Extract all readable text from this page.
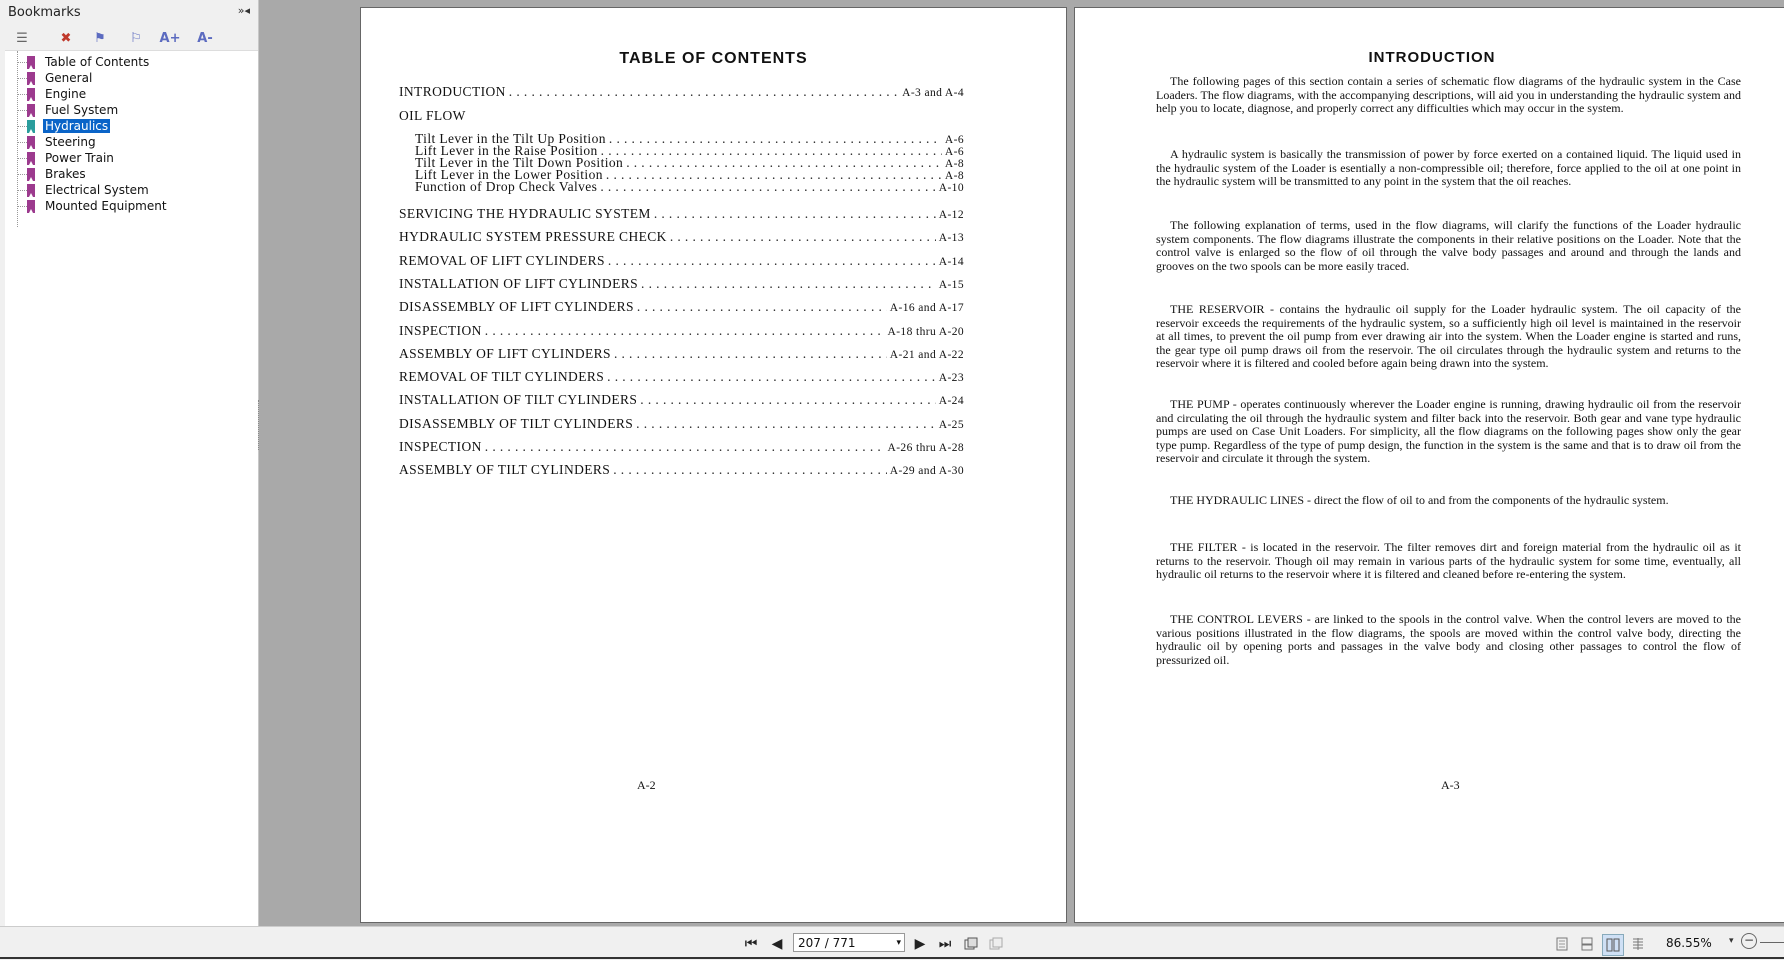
Bookmarks	»◂
☰	✖	⚑	⚐	A+ A-
Table of Contents
General
Engine
Fuel System
Hydraulics
Steering
Power Train
Brakes
Electrical System
Mounted Equipment
TABLE OF CONTENTS
INTRODUCTION . . .	A-3 and A-4
OIL FLOW
Tilt Lever in the Tilt Up Position . . .	A-6
Lift Lever in the Raise Position . . .	A-6
Tilt Lever in the Tilt Down Position . . .	A-8
Lift Lever in the Lower Position . . .	A-8
Function of Drop Check Valves . . .	A-10
SERVICING THE HYDRAULIC SYSTEM . . .	A-12
HYDRAULIC SYSTEM PRESSURE CHECK . . .	A-13
REMOVAL OF LIFT CYLINDERS . . .	A-14
INSTALLATION OF LIFT CYLINDERS . . .	A-15
DISASSEMBLY OF LIFT CYLINDERS . . .	A-16 and A-17
INSPECTION . . .	A-18 thru A-20
ASSEMBLY OF LIFT CYLINDERS . . .	A-21 and A-22
REMOVAL OF TILT CYLINDERS . . .	A-23
INSTALLATION OF TILT CYLINDERS . . .	A-24
DISASSEMBLY OF TILT CYLINDERS . . .	A-25
INSPECTION . . .	A-26 thru A-28
ASSEMBLY OF TILT CYLINDERS . . .	A-29 and A-30
A-2
INTRODUCTION
The following pages of this section contain a series of schematic flow diagrams of the hydraulic system in the Case Loaders. The flow diagrams, with the accompanying descriptions, will aid you in understanding the hydraulic system and help you to locate, diagnose, and properly correct any difficulties which may occur in the system.
A hydraulic system is basically the transmission of power by force exerted on a contained liquid. The liquid used in the hydraulic system of the Loader is esentially a non-compressible oil; therefore, force applied to the oil at one point in the hydraulic system will be transmitted to any point in the system that the oil reaches.
The following explanation of terms, used in the flow diagrams, will clarify the functions of the Loader hydraulic system components. The flow diagrams illustrate the components in their relative positions on the Loader. Note that the control valve is enlarged so the flow of oil through the valve body passages and around and through the lands and grooves on the two spools can be more easily traced.
THE RESERVOIR - contains the hydraulic oil supply for the Loader hydraulic system. The oil capacity of the reservoir exceeds the requirements of the hydraulic system, so a sufficiently high oil level is maintained in the reservoir at all times, to prevent the oil pump from ever drawing air into the system. When the Loader engine is started and runs, the gear type oil pump draws oil from the reservoir. The oil circulates through the hydraulic system and returns to the reservoir where it is filtered and cooled before again being drawn into the system.
THE PUMP - operates continuously wherever the Loader engine is running, drawing hydraulic oil from the reservoir and circulating the oil through the hydraulic system and filter back into the reservoir. Both gear and vane type hydraulic pumps are used on Case Unit Loaders. For simplicity, all the flow diagrams on the following pages show only the gear type pump. Regardless of the type of pump design, the function in the system is the same and that is to draw oil from the reservoir and circulate it through the system.
THE HYDRAULIC LINES - direct the flow of oil to and from the components of the hydraulic system.
THE FILTER - is located in the reservoir. The filter removes dirt and foreign material from the hydraulic oil as it returns to the reservoir. Though oil may remain in various parts of the hydraulic system for some time, eventually, all hydraulic oil returns to the reservoir where it is filtered and cleaned before re-entering the system.
THE CONTROL LEVERS - are linked to the spools in the control valve. When the control levers are moved to the various positions illustrated in the flow diagrams, the spools are moved within the control valve body, directing the hydraulic oil by opening ports and passages in the valve body and closing other passages to control the flow of pressurized oil.
A-3
⏮	◀	207 / 771	▾ ▶ ⏭	86.55% ▾ −
